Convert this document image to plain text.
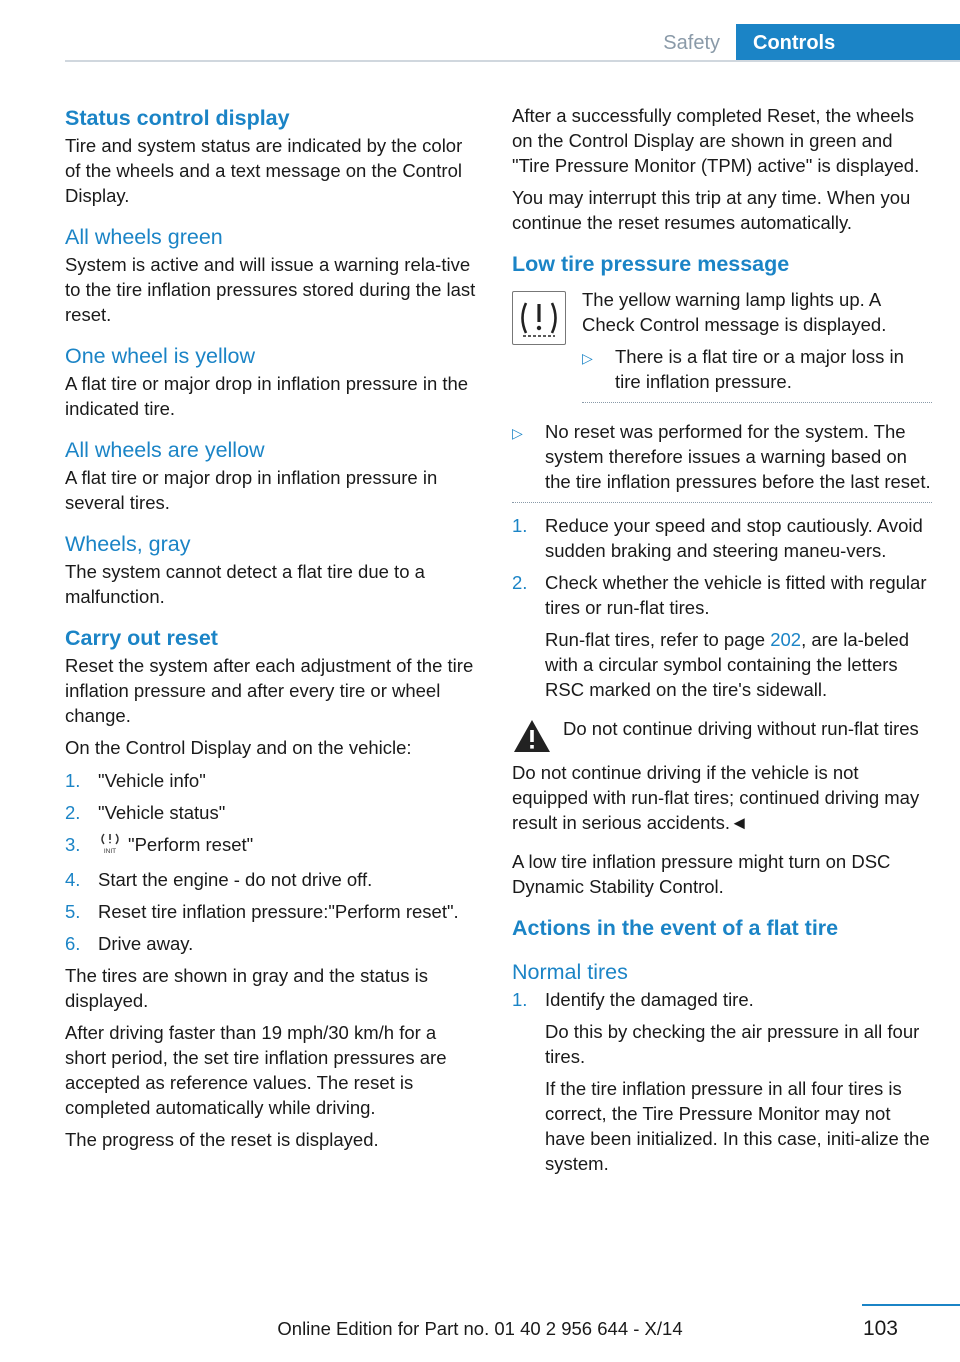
Safety	Controls
Status control display

Tire and system status are indicated by the color of the wheels and a text message on the Control Display.

All wheels green

System is active and will issue a warning rela-tive to the tire inflation pressures stored during the last reset.

One wheel is yellow

A flat tire or major drop in inflation pressure in the indicated tire.

All wheels are yellow

A flat tire or major drop in inflation pressure in several tires.

Wheels, gray

The system cannot detect a flat tire due to a malfunction.

Carry out reset

Reset the system after each adjustment of the tire inflation pressure and after every tire or wheel change.

On the Control Display and on the vehicle:

1. "Vehicle info"
2. "Vehicle status"
3.	INIT "Perform reset"
4. Start the engine - do not drive off.
5. Reset tire inflation pressure:"Perform reset".
6. Drive away.

The tires are shown in gray and the status is displayed.

After driving faster than 19 mph/30 km/h for a short period, the set tire inflation pressures are accepted as reference values. The reset is completed automatically while driving.

The progress of the reset is displayed.

After a successfully completed Reset, the wheels on the Control Display are shown in green and "Tire Pressure Monitor (TPM) active" is displayed.

You may interrupt this trip at any time. When you continue the reset resumes automatically.

Low tire pressure message

The yellow warning lamp lights up. A Check Control message is displayed.

▷	There is a flat tire or a major loss in tire inflation pressure.
▷	No reset was performed for the system. The system therefore issues a warning based on the tire inflation pressures before the last reset.
1. Reduce your speed and stop cautiously. Avoid sudden braking and steering maneu-vers.
2. Check whether the vehicle is fitted with regular tires or run-flat tires.

Run-flat tires, refer to page 202, are la-beled with a circular symbol containing the letters RSC marked on the tire's sidewall.

Do not continue driving without run-flat tires

Do not continue driving if the vehicle is not equipped with run-flat tires; continued driving may result in serious accidents.◄

A low tire inflation pressure might turn on DSC Dynamic Stability Control.

Actions in the event of a flat tire
Normal tires
1. Identify the damaged tire.

Do this by checking the air pressure in all four tires.

If the tire inflation pressure in all four tires is correct, the Tire Pressure Monitor may not have been initialized. In this case, initi-alize the system.

103
Online Edition for Part no. 01 40 2 956 644 - X/14
